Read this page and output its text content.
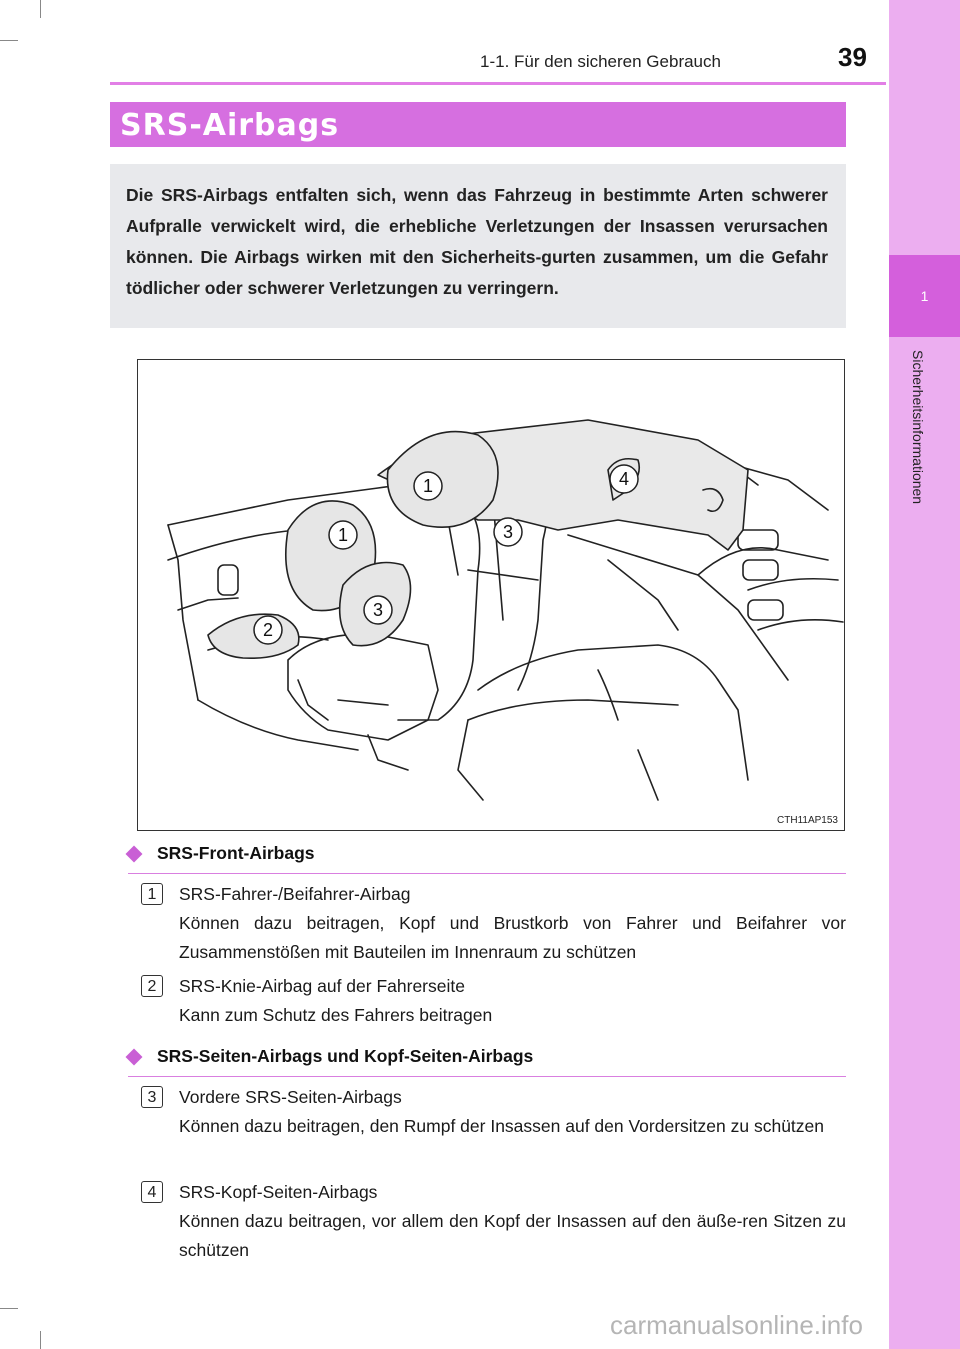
1-1. Für den sicheren Gebrauch	39
1
Sicherheitsinformationen
SRS-Airbags
Die SRS-Airbags entfalten sich, wenn das Fahrzeug in bestimmte Arten schwerer Aufpralle verwickelt wird, die erhebliche Verletzungen der Insassen verursachen können. Die Airbags wirken mit den Sicherheits-gurten zusammen, um die Gefahr tödlicher oder schwerer Verletzungen zu verringern.
1
1
2
3
3
4
CTH11AP153
SRS-Front-Airbags
1	SRS-Fahrer-/Beifahrer-Airbag
Können dazu beitragen, Kopf und Brustkorb von Fahrer und Beifahrer vor Zusammenstößen mit Bauteilen im Innenraum zu schützen
2	SRS-Knie-Airbag auf der Fahrerseite
Kann zum Schutz des Fahrers beitragen
SRS-Seiten-Airbags und Kopf-Seiten-Airbags
3	Vordere SRS-Seiten-Airbags
Können dazu beitragen, den Rumpf der Insassen auf den Vordersitzen zu schützen
4	SRS-Kopf-Seiten-Airbags
Können dazu beitragen, vor allem den Kopf der Insassen auf den äuße-ren Sitzen zu schützen
carmanualsonline.info
